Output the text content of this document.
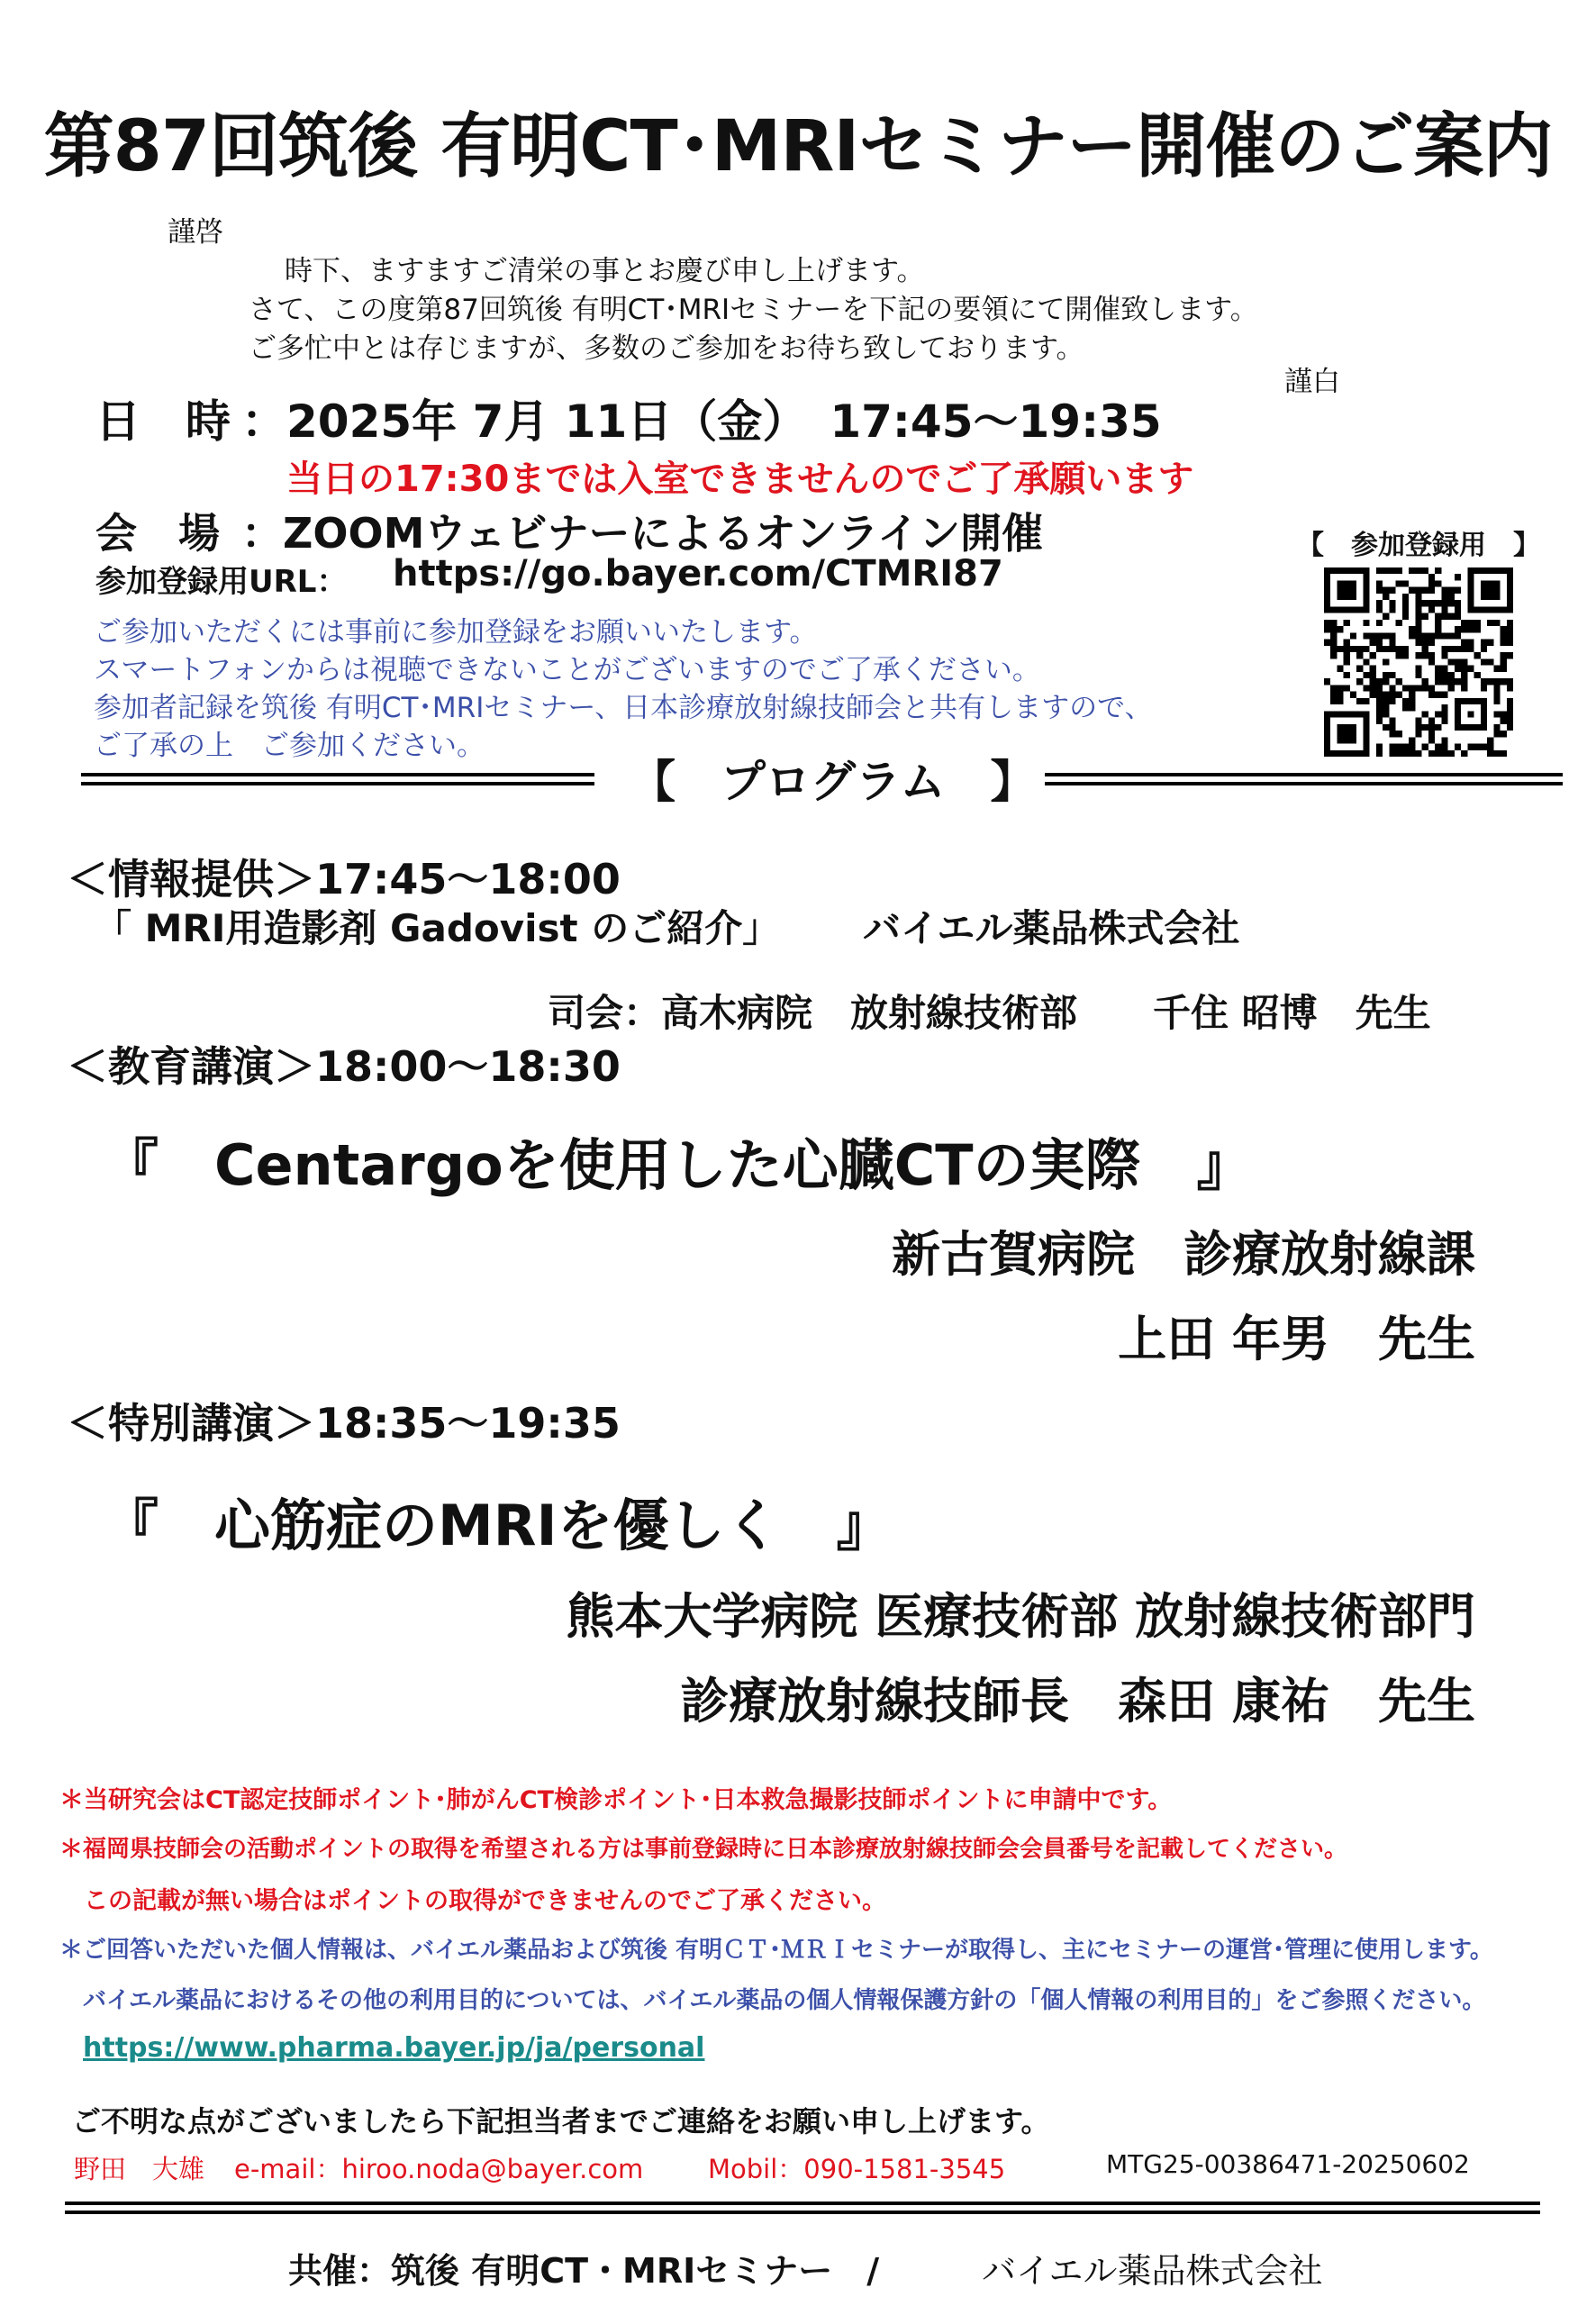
第87回筑後 有明CT･MRIセミナー開催のご案内
謹啓
時下、ますますご清栄の事とお慶び申し上げます。
さて、この度第87回筑後 有明CT･MRIセミナーを下記の要領にて開催致します。
ご多忙中とは存じますが、多数のご参加をお待ち致しております。
謹白
日　時 ：2025年 7月 11日（金）　17:45～19:35
当日の17:30までは入室できませんのでご了承願います
会　場 ：ZOOMウェビナーによるオンライン開催
参加登録用URL： https://go.bayer.com/CTMRI87
【　参加登録用　】
ご参加いただくには事前に参加登録をお願いいたします。
スマートフォンからは視聴できないことがございますのでご了承ください。
参加者記録を筑後 有明CT･MRIセミナー、日本診療放射線技師会と共有しますので、
ご了承の上　ご参加ください。
【　プログラム　】
＜情報提供＞17:45～18:00
「 MRI用造影剤 Gadovist のご紹介」 バイエル薬品株式会社
司会：高木病院　放射線技術部　　千住 昭博　先生
＜教育講演＞18:00～18:30
『　Centargoを使用した心臓CTの実際　』
新古賀病院　診療放射線課
上田 年男　先生
＜特別講演＞18:35～19:35
『　心筋症のMRIを優しく　』
熊本大学病院 医療技術部 放射線技術部門
診療放射線技師長　森田 康祐　先生
＊当研究会はCT認定技師ポイント･肺がんCT検診ポイント･日本救急撮影技師ポイントに申請中です。
＊福岡県技師会の活動ポイントの取得を希望される方は事前登録時に日本診療放射線技師会会員番号を記載してください。
　この記載が無い場合はポイントの取得ができませんのでご了承ください。
＊ご回答いただいた個人情報は、バイエル薬品および筑後 有明ＣＴ･ＭＲＩセミナーが取得し、主にセミナーの運営･管理に使用します。
　バイエル薬品におけるその他の利用目的については、バイエル薬品の個人情報保護方針の「個人情報の利用目的」をご参照ください。
https://www.pharma.bayer.jp/ja/personal
ご不明な点がございましたら下記担当者までご連絡をお願い申し上げます。
野田　大雄 e-mail：hiroo.noda@bayer.com Mobil：090-1581-3545	MTG25-00386471-20250602
共催：筑後 有明CT・MRIセミナー　/	バイエル薬品株式会社
